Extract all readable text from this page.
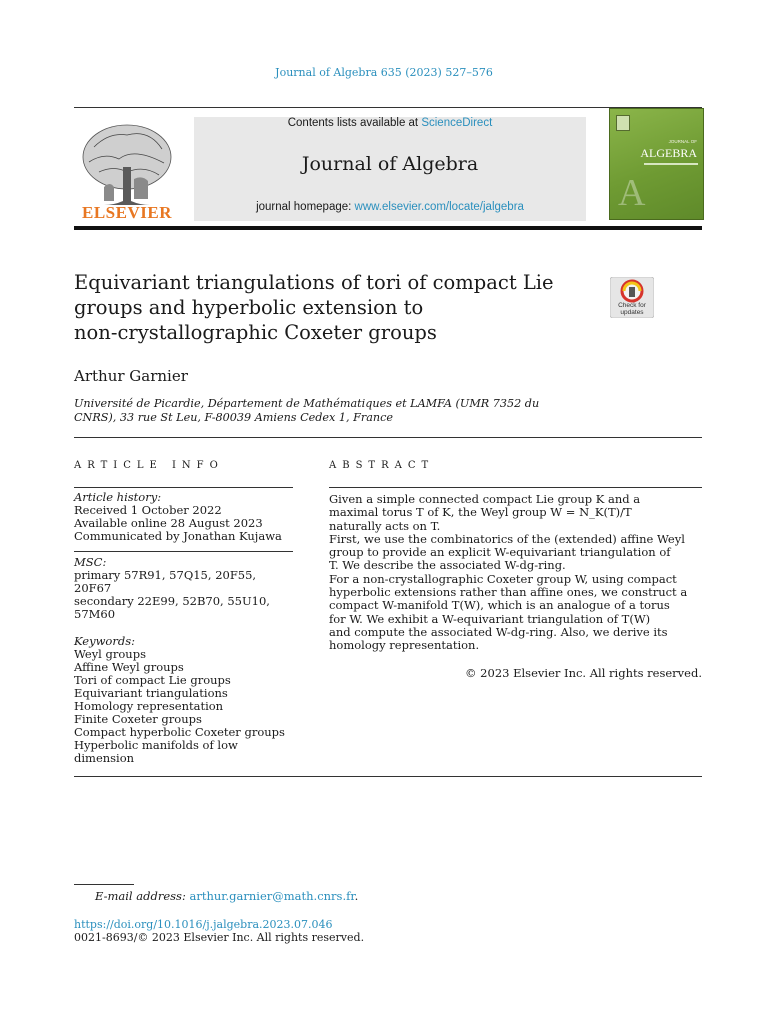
Journal of Algebra 635 (2023) 527–576
ELSEVIER
Contents lists available at ScienceDirect
Journal of Algebra
journal homepage: www.elsevier.com/locate/jalgebra
JOURNAL OF
ALGEBRA
A
Equivariant triangulations of tori of compact Lie
groups and hyperbolic extension to
non-crystallographic Coxeter groups
Check for
updates
Arthur Garnier
Université de Picardie, Département de Mathématiques et LAMFA (UMR 7352 du
CNRS), 33 rue St Leu, F-80039 Amiens Cedex 1, France
ARTICLE INFO
Article history:
Received 1 October 2022
Available online 28 August 2023
Communicated by Jonathan Kujawa
MSC:
primary 57R91, 57Q15, 20F55,
20F67
secondary 22E99, 52B70, 55U10,
57M60
Keywords:
Weyl groups
Affine Weyl groups
Tori of compact Lie groups
Equivariant triangulations
Homology representation
Finite Coxeter groups
Compact hyperbolic Coxeter groups
Hyperbolic manifolds of low
dimension
ABSTRACT

Given a simple connected compact Lie group K and a
maximal torus T of K, the Weyl group W = N_K(T)/T
naturally acts on T.

First, we use the combinatorics of the (extended) affine Weyl
group to provide an explicit W-equivariant triangulation of
T. We describe the associated W-dg-ring.

For a non-crystallographic Coxeter group W, using compact
hyperbolic extensions rather than affine ones, we construct a
compact W-manifold T(W), which is an analogue of a torus
for W. We exhibit a W-equivariant triangulation of T(W)
and compute the associated W-dg-ring. Also, we derive its
homology representation.

© 2023 Elsevier Inc. All rights reserved.
E-mail address: arthur.garnier@math.cnrs.fr.
https://doi.org/10.1016/j.jalgebra.2023.07.046
0021-8693/© 2023 Elsevier Inc. All rights reserved.
